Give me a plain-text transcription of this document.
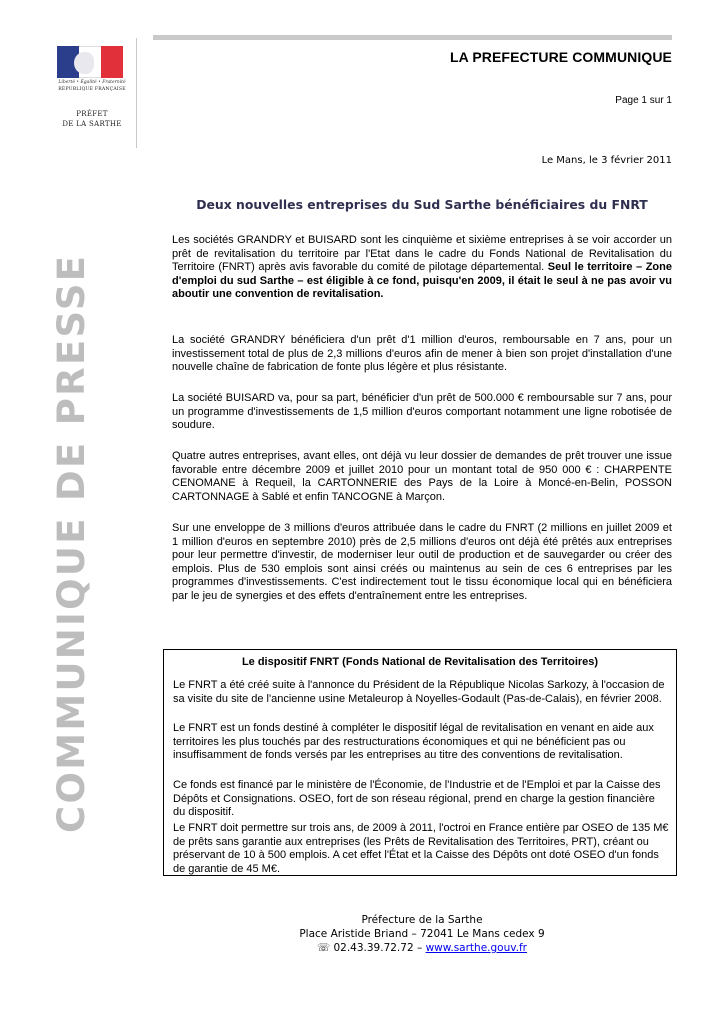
Liberté • Égalité • Fraternité
RÉPUBLIQUE FRANÇAISE
PRÉFET
DE LA SARTHE
LA PREFECTURE COMMUNIQUE
Page 1 sur 1
Le Mans, le 3 février 2011
COMMUNIQUE DE PRESSE
Deux nouvelles entreprises du Sud Sarthe bénéficiaires du FNRT

Les sociétés GRANDRY et BUISARD sont les cinquième et sixième entreprises à se voir accorder un prêt de revitalisation du territoire par l'Etat dans le cadre du Fonds National de Revitalisation du Territoire (FNRT) après avis favorable du comité de pilotage départemental. Seul le territoire – Zone d'emploi du sud Sarthe – est éligible à ce fond, puisqu'en 2009, il était le seul à ne pas avoir vu aboutir une convention de revitalisation.

La société GRANDRY bénéficiera d'un prêt d'1 million d'euros, remboursable en 7 ans, pour un investissement total de plus de 2,3 millions d'euros afin de mener à bien son projet d'installation d'une nouvelle chaîne de fabrication de fonte plus légère et plus résistante.

La société BUISARD va, pour sa part, bénéficier d'un prêt de 500.000 € remboursable sur 7 ans, pour un programme d'investissements de 1,5 million d'euros comportant notamment une ligne robotisée de soudure.

Quatre autres entreprises, avant elles, ont déjà vu leur dossier de demandes de prêt trouver une issue favorable entre décembre 2009 et juillet 2010 pour un montant total de 950 000 € : CHARPENTE CENOMANE à Requeil, la CARTONNERIE des Pays de la Loire à Moncé-en-Belin, POSSON CARTONNAGE à Sablé et enfin TANCOGNE à Marçon.

Sur une enveloppe de 3 millions d'euros attribuée dans le cadre du FNRT (2 millions en juillet 2009 et 1 million d'euros en septembre 2010) près de 2,5 millions d'euros ont déjà été prêtés aux entreprises pour leur permettre d'investir, de moderniser leur outil de production et de sauvegarder ou créer des emplois. Plus de 530 emplois sont ainsi créés ou maintenus au sein de ces 6 entreprises par les programmes d'investissements. C'est indirectement tout le tissu économique local qui en bénéficiera par le jeu de synergies et des effets d'entraînement entre les entreprises.

Le dispositif FNRT (Fonds National de Revitalisation des Territoires)

Le FNRT a été créé suite à l'annonce du Président de la République Nicolas Sarkozy, à l'occasion de sa visite du site de l'ancienne usine Metaleurop à Noyelles-Godault (Pas-de-Calais), en février 2008.

Le FNRT est un fonds destiné à compléter le dispositif légal de revitalisation en venant en aide aux territoires les plus touchés par des restructurations économiques et qui ne bénéficient pas ou insuffisamment de fonds versés par les entreprises au titre des conventions de revitalisation.

Ce fonds est financé par le ministère de l'Économie, de l'Industrie et de l'Emploi et par la Caisse des Dépôts et Consignations. OSEO, fort de son réseau régional, prend en charge la gestion financière du dispositif.

Le FNRT doit permettre sur trois ans, de 2009 à 2011, l'octroi en France entière par OSEO de 135 M€ de prêts sans garantie aux entreprises (les Prêts de Revitalisation des Territoires, PRT), créant ou préservant de 10 à 500 emplois. A cet effet l'État et la Caisse des Dépôts ont doté OSEO d'un fonds de garantie de 45 M€.

Préfecture de la Sarthe
Place Aristide Briand – 72041 Le Mans cedex 9
☏ 02.43.39.72.72 – www.sarthe.gouv.fr
